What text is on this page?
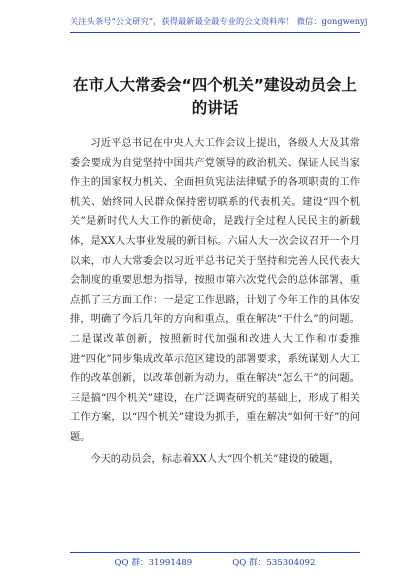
关注头条号“公文研究”，获得最新最全最专业的公文资料库！ 微信：gongwenyj
在市人大常委会“四个机关”建设动员会上的讲话

习近平总书记在中央人大工作会议上提出，各级人大及其常委会要成为自觉坚持中国共产党领导的政治机关、保证人民当家作主的国家权力机关、全面担负宪法法律赋予的各项职责的工作机关、始终同人民群众保持密切联系的代表机关。建设“四个机关”是新时代人大工作的新使命，是践行全过程人民民主的新载体，是XX人大事业发展的新目标。六届人大一次会议召开一个月以来，市人大常委会以习近平总书记关于坚持和完善人民代表大会制度的重要思想为指导，按照市第六次党代会的总体部署，重点抓了三方面工作：一是定工作思路，计划了今年工作的具体安排，明确了今后几年的方向和重点，重在解决“干什么”的问题。二是谋改革创新，按照新时代加强和改进人大工作和市委推进“四化”同步集成改革示范区建设的部署要求，系统谋划人大工作的改革创新，以改革创新为动力，重在解决“怎么干”的问题。三是搞“四个机关”建设，在广泛调查研究的基础上，形成了相关工作方案，以“四个机关”建设为抓手，重在解决“如何干好”的问题。

今天的动员会，标志着XX人大“四个机关”建设的破题，

QQ 群：31991489	QQ 群：535304092
